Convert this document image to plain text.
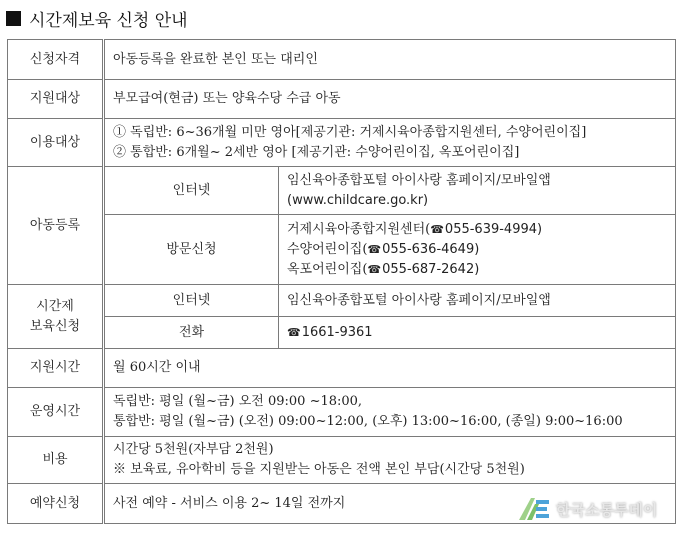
시간제보육 신청 안내
신청자격	아동등록을 완료한 본인 또는 대리인	
지원대상	부모급여(현금) 또는 양육수당 수급 아동	
이용대상	① 독립반: 6~36개월 미만 영아[제공기관: 거제시육아종합지원센터, 수양어린이집]
② 통합반: 6개월~ 2세반 영아 [제공기관: 수양어린이집, 옥포어린이집]	

아동등록	인터넷	임신육아종합포털 아이사랑 홈페이지/모바일앱
(www.childcare.go.kr)

	방문신청	거제시육아종합지원센터(☎055-639-4994)
수양어린이집(☎055-636-4649)
옥포어린이집(☎055-687-2642)

시간제
보육신청	인터넷	임신육아종합포털 아이사랑 홈페이지/모바일앱
	전화	☎1661-9361
지원시간	월 60시간 이내	
운영시간	독립반: 평일 (월~금) 오전 09:00 ~18:00,
통합반: 평일 (월~금) (오전) 09:00~12:00, (오후) 13:00~16:00, (종일) 9:00~16:00	

비용	시간당 5천원(자부담 2천원)
※ 보육료, 유아학비 등을 지원받는 아동은 전액 본인 부담(시간당 5천원)	

예약신청	사전 예약 - 서비스 이용 2~ 14일 전까지		한국소통투데이
